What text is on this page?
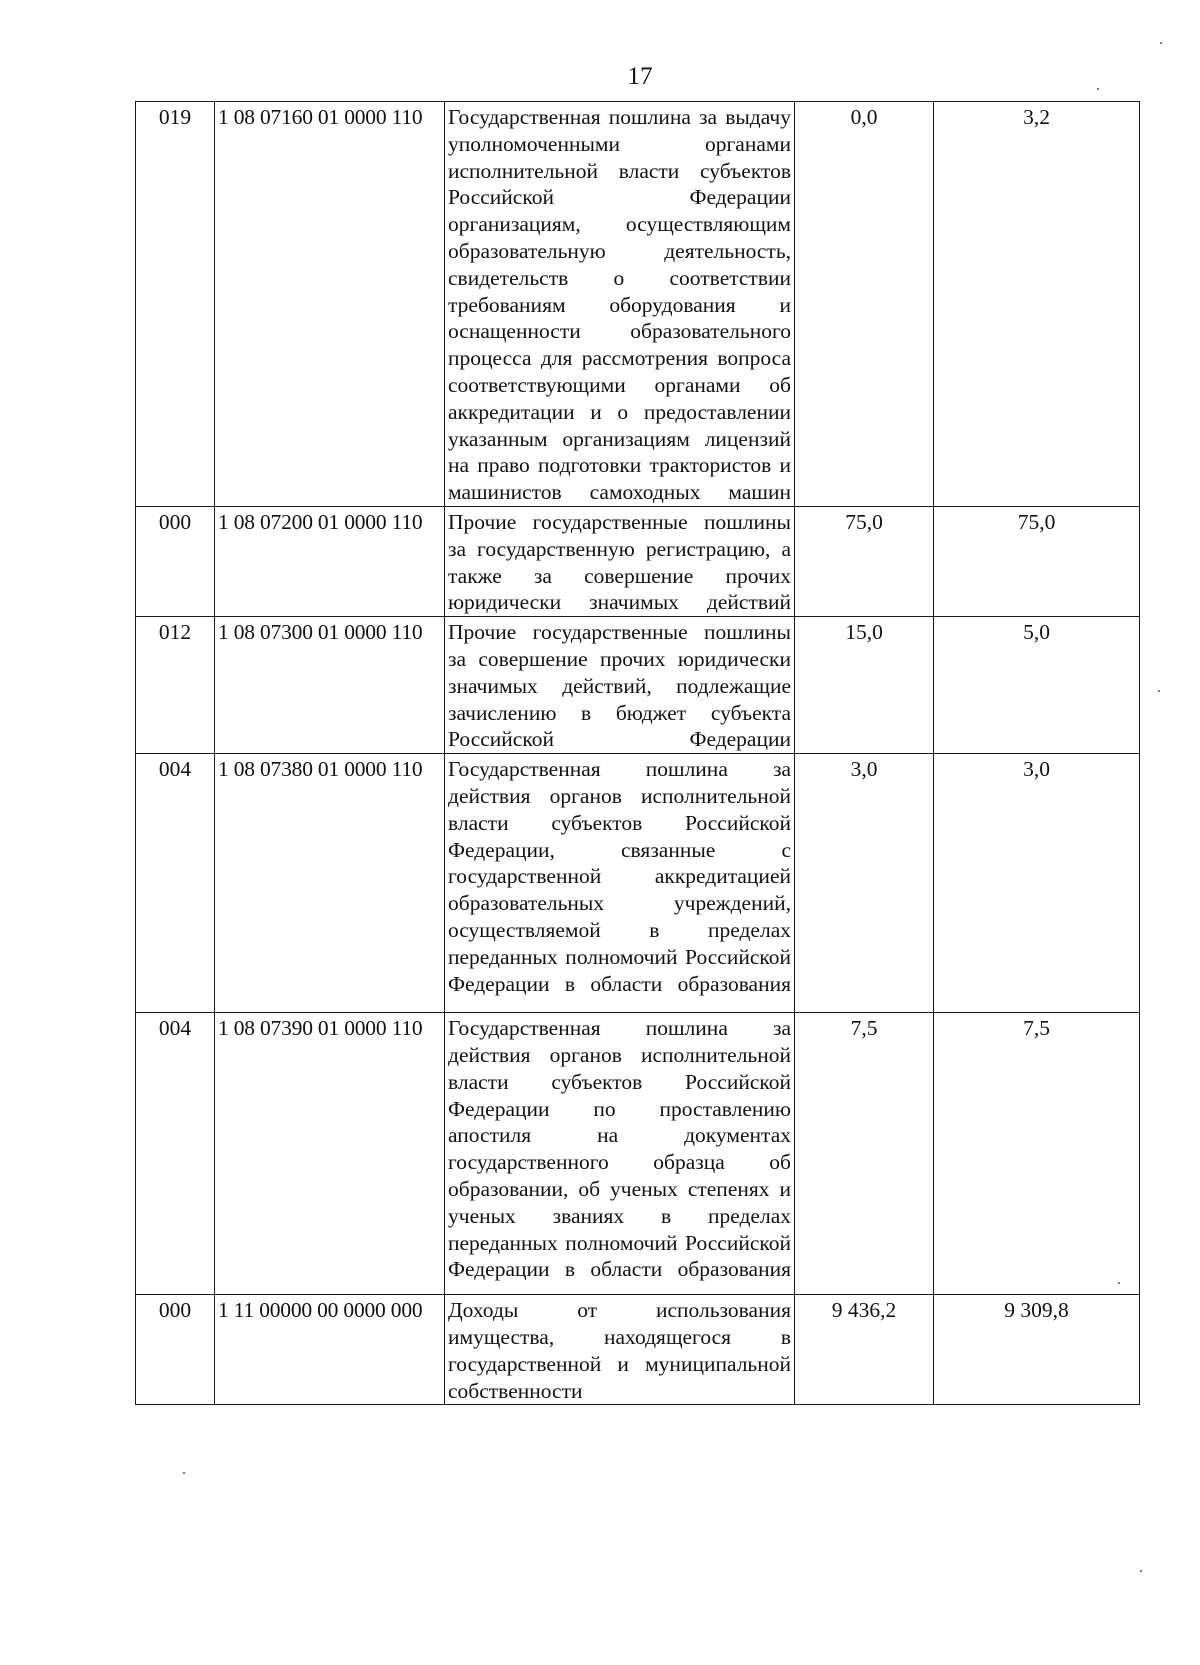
17
019	1 08 07160 01 0000 110	Государственная пошлина за выдачу уполномоченными органами исполнительной власти субъектов Российской Федерации организациям, осуществляющим образовательную деятельность, свидетельств о соответствии требованиям оборудования и оснащенности образовательного процесса для рассмотрения вопроса соответствующими органами об аккредитации и о предоставлении указанным организациям лицензий на право подготовки трактористов и машинистов самоходных машин	0,0	3,2
000	1 08 07200 01 0000 110	Прочие государственные пошлины за государственную регистрацию, а также за совершение прочих юридически значимых действий	75,0	75,0
012	1 08 07300 01 0000 110	Прочие государственные пошлины за совершение прочих юридически значимых действий, подлежащие зачислению в бюджет субъекта Российской Федерации	15,0	5,0
004	1 08 07380 01 0000 110	Государственная пошлина за действия органов исполнительной власти субъектов Российской Федерации, связанные с государственной аккредитацией образовательных учреждений, осуществляемой в пределах переданных полномочий Российской Федерации в области образования	3,0	3,0
004	1 08 07390 01 0000 110	Государственная пошлина за действия органов исполнительной власти субъектов Российской Федерации по проставлению апостиля на документах государственного образца об образовании, об ученых степенях и ученых званиях в пределах переданных полномочий Российской Федерации в области образования	7,5	7,5
000	1 11 00000 00 0000 000	Доходы от использования имущества, находящегося в государственной и муниципальной собственности	9 436,2	9 309,8
